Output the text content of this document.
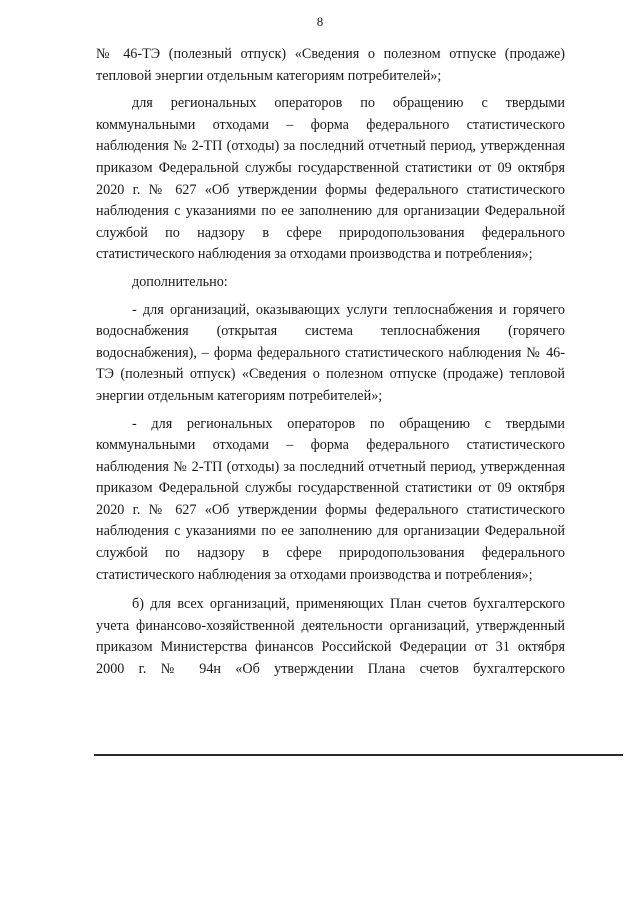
8

№ 46-ТЭ (полезный отпуск) «Сведения о полезном отпуске (продаже) тепловой энергии отдельным категориям потребителей»;

для региональных операторов по обращению с твердыми коммунальными отходами – форма федерального статистического наблюдения № 2-ТП (отходы) за последний отчетный период, утвержденная приказом Федеральной службы государственной статистики от 09 октября 2020 г. № 627 «Об утверждении формы федерального статистического наблюдения с указаниями по ее заполнению для организации Федеральной службой по надзору в сфере природопользования федерального статистического наблюдения за отходами производства и потребления»;

дополнительно:

- для организаций, оказывающих услуги теплоснабжения и горячего водоснабжения (открытая система теплоснабжения (горячего водоснабжения), – форма федерального статистического наблюдения № 46-ТЭ (полезный отпуск) «Сведения о полезном отпуске (продаже) тепловой энергии отдельным категориям потребителей»;

- для региональных операторов по обращению с твердыми коммунальными отходами – форма федерального статистического наблюдения № 2-ТП (отходы) за последний отчетный период, утвержденная приказом Федеральной службы государственной статистики от 09 октября 2020 г. № 627 «Об утверждении формы федерального статистического наблюдения с указаниями по ее заполнению для организации Федеральной службой по надзору в сфере природопользования федерального статистического наблюдения за отходами производства и потребления»;

б) для всех организаций, применяющих План счетов бухгалтерского учета финансово-хозяйственной деятельности организаций, утвержденный приказом Министерства финансов Российской Федерации от 31 октября 2000 г. № 94н «Об утверждении Плана счетов бухгалтерского
